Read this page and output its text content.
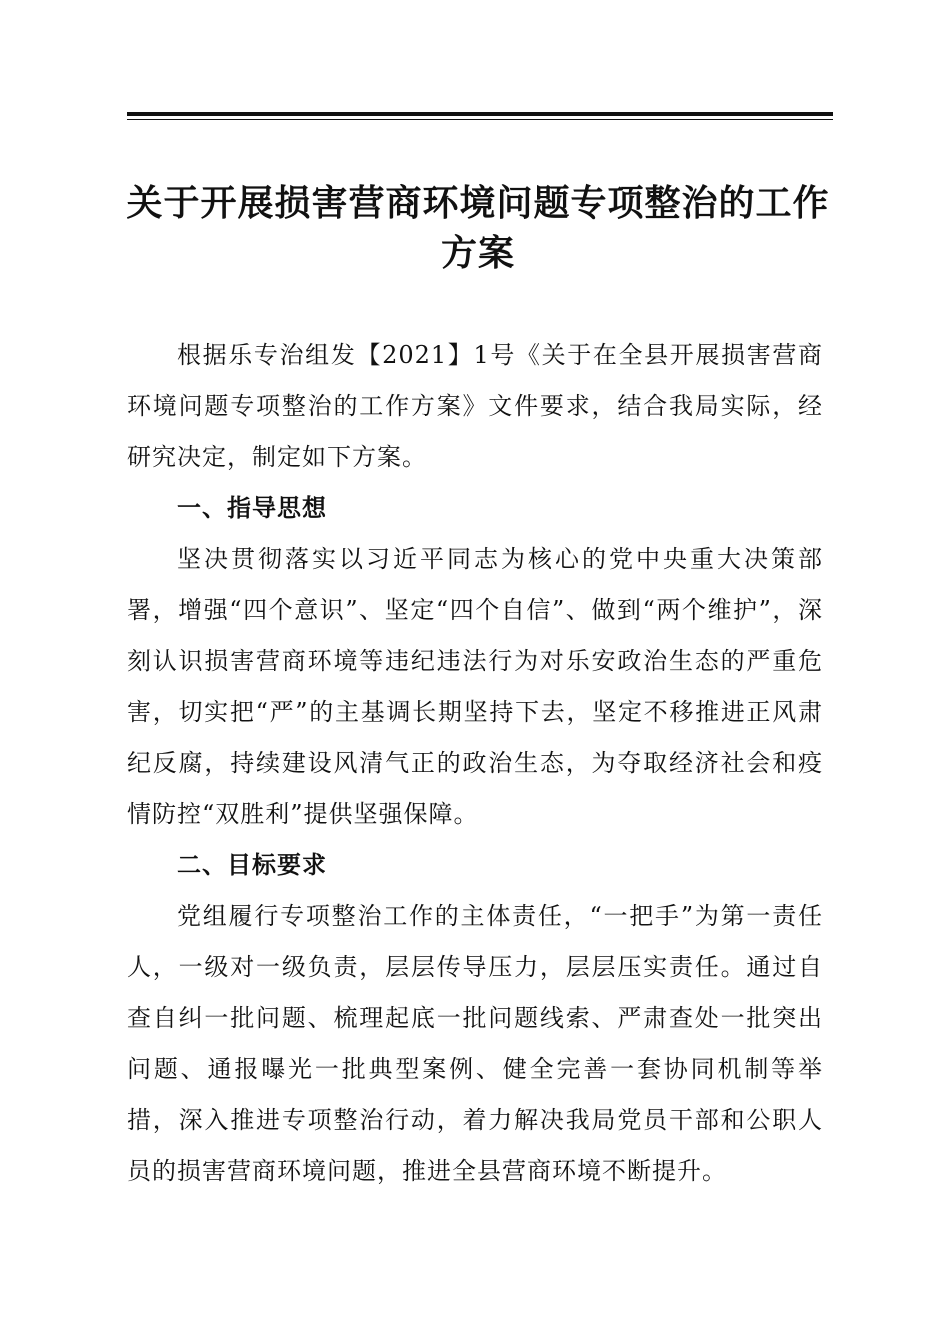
关于开展损害营商环境问题专项整治的工作方案

根据乐专治组发【2021】1号《关于在全县开展损害营商环境问题专项整治的工作方案》文件要求，结合我局实际，经研究决定，制定如下方案。

一、指导思想

坚决贯彻落实以习近平同志为核心的党中央重大决策部署，增强“四个意识”、坚定“四个自信”、做到“两个维护”，深刻认识损害营商环境等违纪违法行为对乐安政治生态的严重危害，切实把“严”的主基调长期坚持下去，坚定不移推进正风肃纪反腐，持续建设风清气正的政治生态，为夺取经济社会和疫情防控“双胜利”提供坚强保障。

二、目标要求

党组履行专项整治工作的主体责任，“一把手”为第一责任人，一级对一级负责，层层传导压力，层层压实责任。通过自查自纠一批问题、梳理起底一批问题线索、严肃查处一批突出问题、通报曝光一批典型案例、健全完善一套协同机制等举措，深入推进专项整治行动，着力解决我局党员干部和公职人员的损害营商环境问题，推进全县营商环境不断提升。
